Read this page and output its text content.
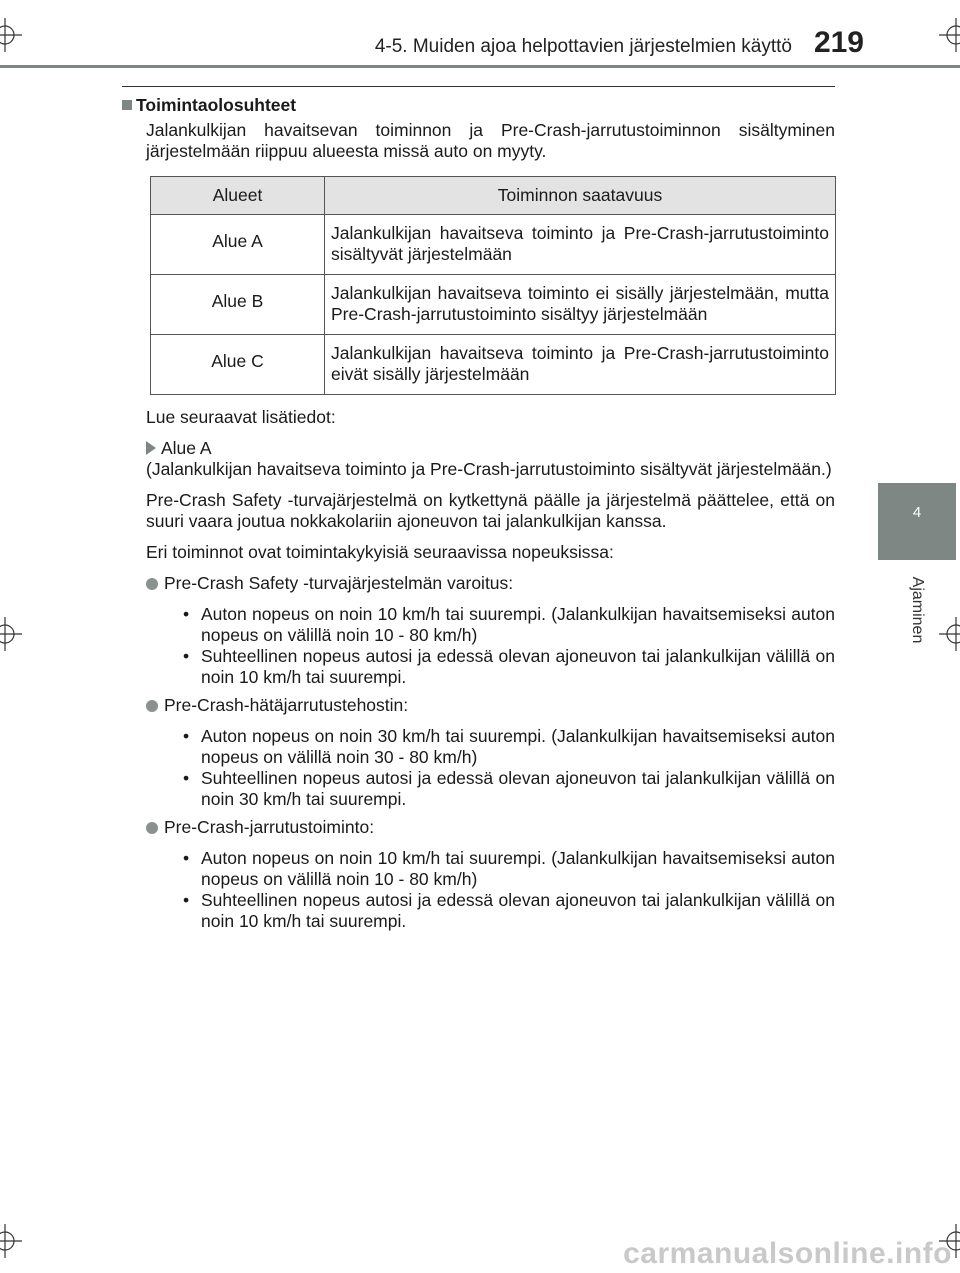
4-5. Muiden ajoa helpottavien järjestelmien käyttö 219
4
Ajaminen
Toimintaolosuhteet

Jalankulkijan havaitsevan toiminnon ja Pre-Crash-jarrutustoiminnon sisältyminen järjestelmään riippuu alueesta missä auto on myyty.

Alueet	Toiminnon saatavuus
Alue A	Jalankulkijan havaitseva toiminto ja Pre-Crash-jarrutustoiminto sisältyvät järjestelmään
Alue B	Jalankulkijan havaitseva toiminto ei sisälly järjestelmään, mutta Pre-Crash-jarrutustoiminto sisältyy järjestelmään
Alue C	Jalankulkijan havaitseva toiminto ja Pre-Crash-jarrutustoiminto eivät sisälly järjestelmään

Lue seuraavat lisätiedot:

Alue A

(Jalankulkijan havaitseva toiminto ja Pre-Crash-jarrutustoiminto sisältyvät järjestelmään.)

Pre-Crash Safety -turvajärjestelmä on kytkettynä päälle ja järjestelmä päättelee, että on suuri vaara joutua nokkakolariin ajoneuvon tai jalankulkijan kanssa.

Eri toiminnot ovat toimintakykyisiä seuraavissa nopeuksissa:

Pre-Crash Safety -turvajärjestelmän varoitus:
• Auton nopeus on noin 10 km/h tai suurempi. (Jalankulkijan havaitsemiseksi auton nopeus on välillä noin 10 - 80 km/h)
• Suhteellinen nopeus autosi ja edessä olevan ajoneuvon tai jalankulkijan välillä on noin 10 km/h tai suurempi.
Pre-Crash-hätäjarrutustehostin:
• Auton nopeus on noin 30 km/h tai suurempi. (Jalankulkijan havaitsemiseksi auton nopeus on välillä noin 30 - 80 km/h)
• Suhteellinen nopeus autosi ja edessä olevan ajoneuvon tai jalankulkijan välillä on noin 30 km/h tai suurempi.
Pre-Crash-jarrutustoiminto:
• Auton nopeus on noin 10 km/h tai suurempi. (Jalankulkijan havaitsemiseksi auton nopeus on välillä noin 10 - 80 km/h)
• Suhteellinen nopeus autosi ja edessä olevan ajoneuvon tai jalankulkijan välillä on noin 10 km/h tai suurempi.
carmanualsonline.info
